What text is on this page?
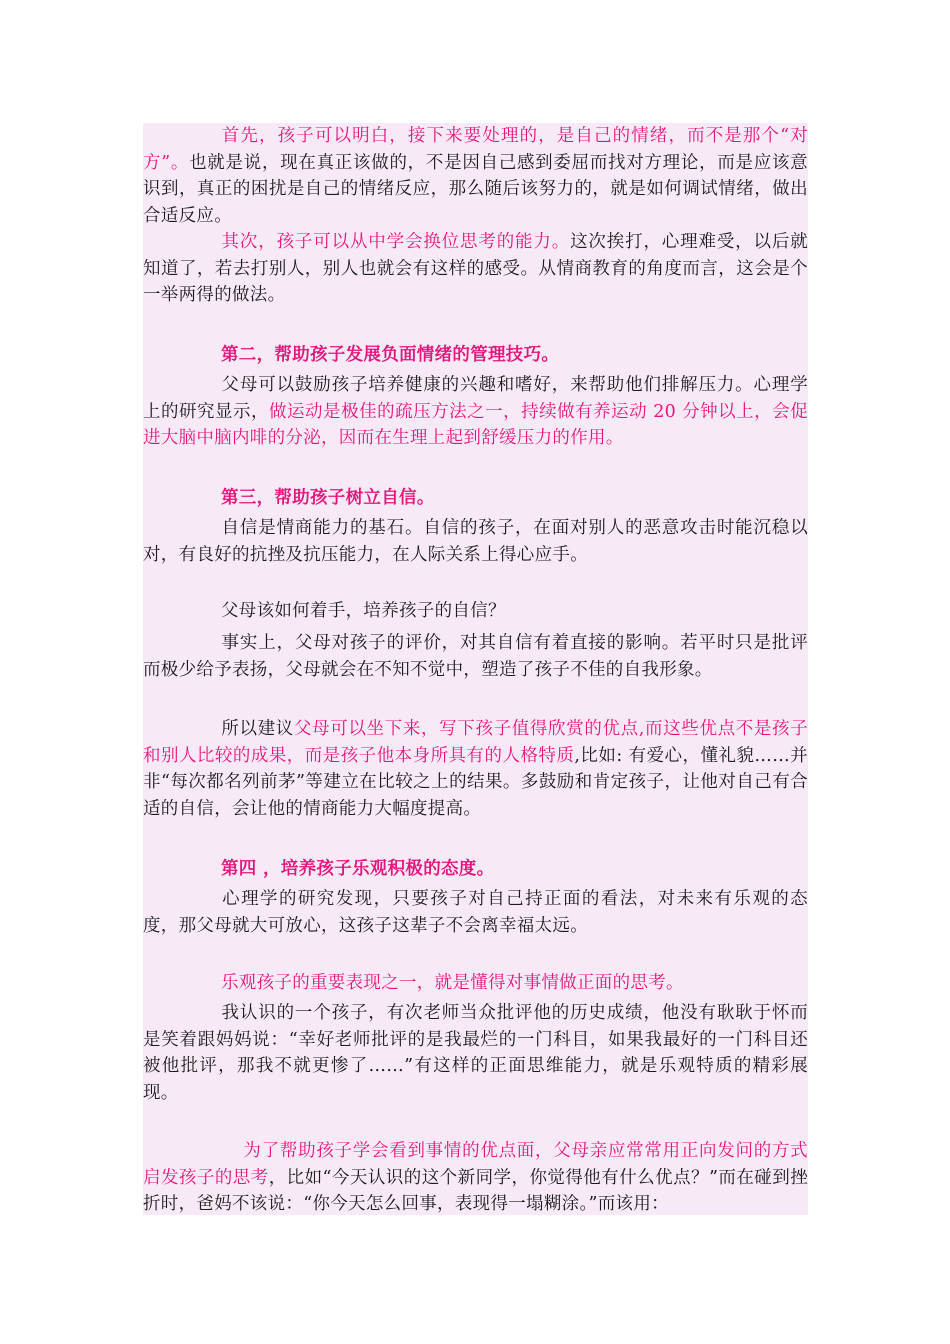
首先，孩子可以明白，接下来要处理的，是自己的情绪，而不是那个“对方”。也就是说，现在真正该做的，不是因自己感到委屈而找对方理论，而是应该意识到，真正的困扰是自己的情绪反应，那么随后该努力的，就是如何调试情绪，做出合适反应。

其次，孩子可以从中学会换位思考的能力。这次挨打，心理难受，以后就知道了，若去打别人，别人也就会有这样的感受。从情商教育的角度而言，这会是个一举两得的做法。

第二，帮助孩子发展负面情绪的管理技巧。

父母可以鼓励孩子培养健康的兴趣和嗜好，来帮助他们排解压力。心理学上的研究显示，做运动是极佳的疏压方法之一，持续做有养运动 20 分钟以上，会促进大脑中脑内啡的分泌，因而在生理上起到舒缓压力的作用。

第三，帮助孩子树立自信。

自信是情商能力的基石。自信的孩子，在面对别人的恶意攻击时能沉稳以对，有良好的抗挫及抗压能力，在人际关系上得心应手。

父母该如何着手，培养孩子的自信？

事实上，父母对孩子的评价，对其自信有着直接的影响。若平时只是批评而极少给予表扬，父母就会在不知不觉中，塑造了孩子不佳的自我形象。

所以建议父母可以坐下来，写下孩子值得欣赏的优点,而这些优点不是孩子和别人比较的成果，而是孩子他本身所具有的人格特质,比如: 有爱心，懂礼貌……并非“每次都名列前茅”等建立在比较之上的结果。多鼓励和肯定孩子，让他对自己有合适的自信，会让他的情商能力大幅度提高。

第四 ，培养孩子乐观积极的态度。

心理学的研究发现，只要孩子对自己持正面的看法，对未来有乐观的态度，那父母就大可放心，这孩子这辈子不会离幸福太远。

乐观孩子的重要表现之一，就是懂得对事情做正面的思考。

我认识的一个孩子，有次老师当众批评他的历史成绩，他没有耿耿于怀而是笑着跟妈妈说：“幸好老师批评的是我最烂的一门科目，如果我最好的一门科目还被他批评，那我不就更惨了……”有这样的正面思维能力，就是乐观特质的精彩展现。

为了帮助孩子学会看到事情的优点面，父母亲应常常用正向发问的方式启发孩子的思考，比如“今天认识的这个新同学，你觉得他有什么优点？”而在碰到挫折时，爸妈不该说：“你今天怎么回事，表现得一塌糊涂。”而该用：
